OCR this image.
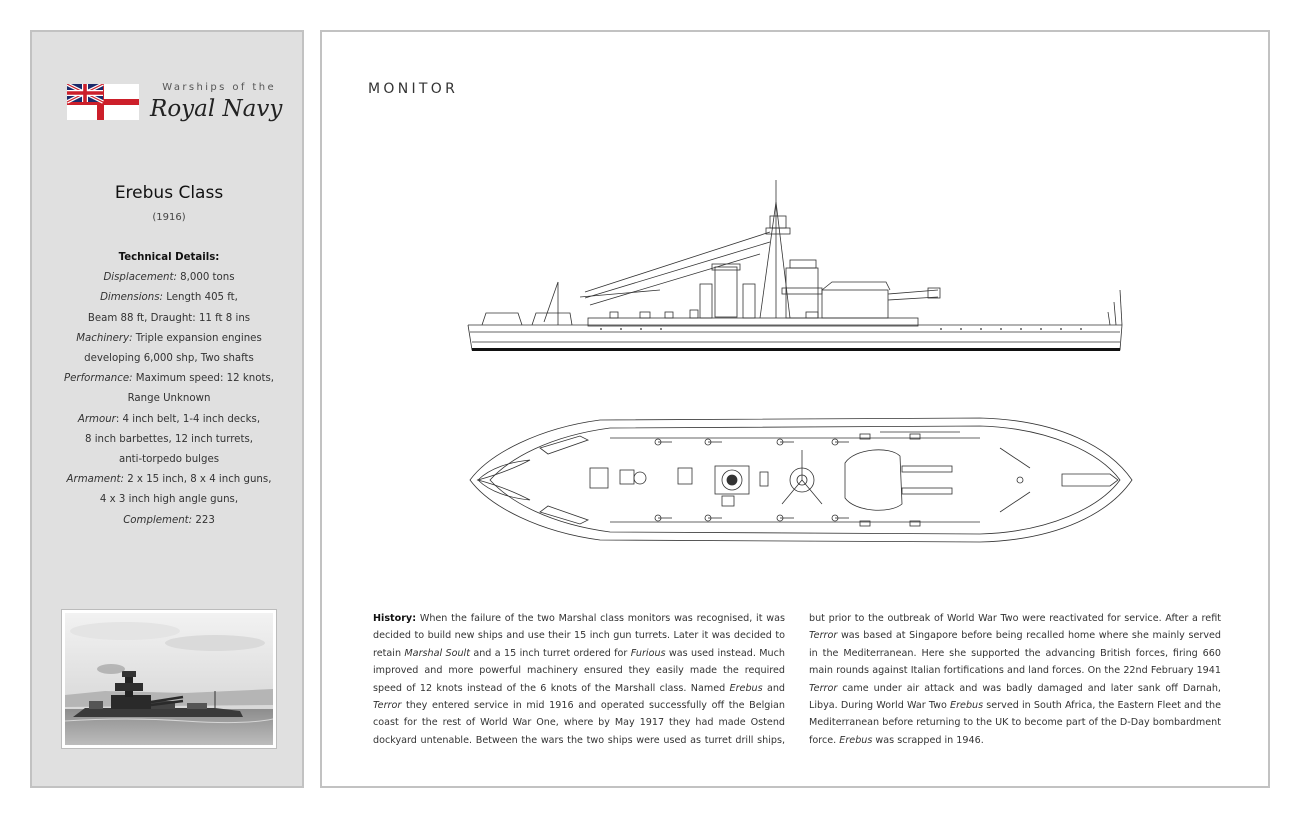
Warships of the
Royal Navy
Erebus Class
(1916)
Technical Details:
Displacement: 8,000 tons
Dimensions: Length 405 ft,
Beam 88 ft, Draught: 11 ft 8 ins
Machinery: Triple expansion engines
developing 6,000 shp, Two shafts
Performance: Maximum speed: 12 knots,
Range Unknown
Armour: 4 inch belt, 1-4 inch decks,
8 inch barbettes, 12 inch turrets,
anti-torpedo bulges
Armament: 2 x 15 inch, 8 x 4 inch guns,
4 x 3 inch high angle guns,
Complement: 223
MONITOR
History: When the failure of the two Marshal class monitors was recognised, it was decided to build new ships and use their 15 inch gun turrets. Later it was decided to retain Marshal Soult and a 15 inch turret ordered for Furious was used instead. Much improved and more powerful machinery ensured they easily made the required speed of 12 knots instead of the 6 knots of the Marshall class. Named Erebus and Terror they entered service in mid 1916 and operated successfully off the Belgian coast for the rest of World War One, where by May 1917 they had made Ostend dockyard untenable. Between the wars the two ships were used as turret drill ships, but prior to the outbreak of World War Two were reactivated for service. After a refit Terror was based at Singapore before being recalled home where she mainly served in the Mediterranean. Here she supported the advancing British forces, firing 660 main rounds against Italian fortifications and land forces. On the 22nd February 1941 Terror came under air attack and was badly damaged and later sank off Darnah, Libya. During World War Two Erebus served in South Africa, the Eastern Fleet and the Mediterranean before returning to the UK to become part of the D-Day bombardment force. Erebus was scrapped in 1946.
